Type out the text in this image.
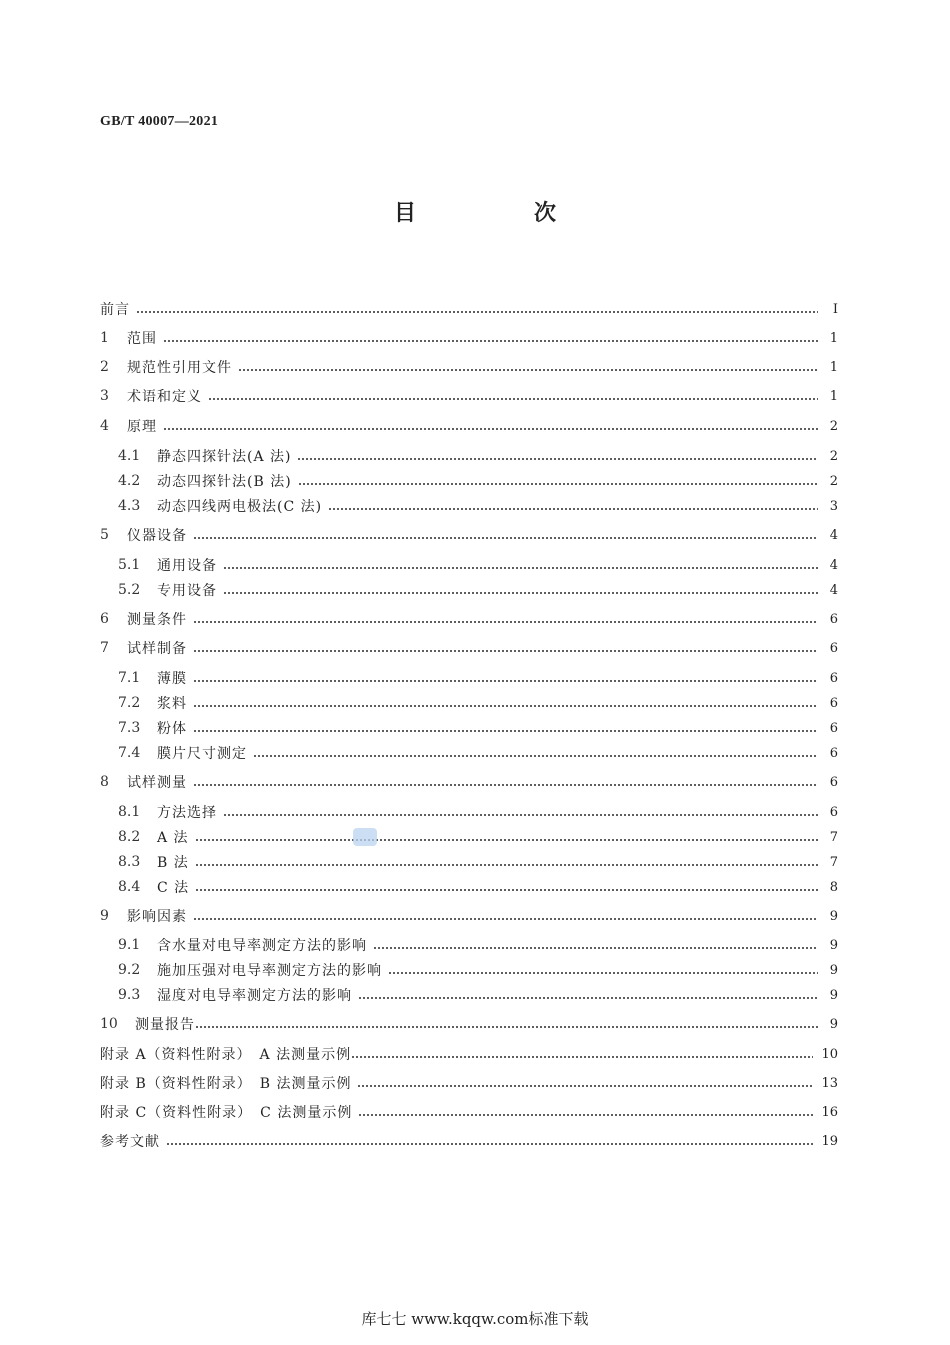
GB/T 40007—2021
目　次
前言	Ⅰ
1	范围	1
2	规范性引用文件	1
3	术语和定义	1
4	原理	2
4.1	静态四探针法(A 法)	2
4.2	动态四探针法(B 法)	2
4.3	动态四线两电极法(C 法)	3
5	仪器设备	4
5.1	通用设备	4
5.2	专用设备	4
6	测量条件	6
7	试样制备	6
7.1	薄膜	6
7.2	浆料	6
7.3	粉体	6
7.4	膜片尺寸测定	6
8	试样测量	6
8.1	方法选择	6
8.2	A 法	7
8.3	B 法	7
8.4	C 法	8
9	影响因素	9
9.1	含水量对电导率测定方法的影响	9
9.2	施加压强对电导率测定方法的影响	9
9.3	湿度对电导率测定方法的影响	9
10	测量报告	9
附录 A（资料性附录）　A 法测量示例	10
附录 B（资料性附录）　B 法测量示例	13
附录 C（资料性附录）　C 法测量示例	16
参考文献	19
库七七 www.kqqw.com标准下载
